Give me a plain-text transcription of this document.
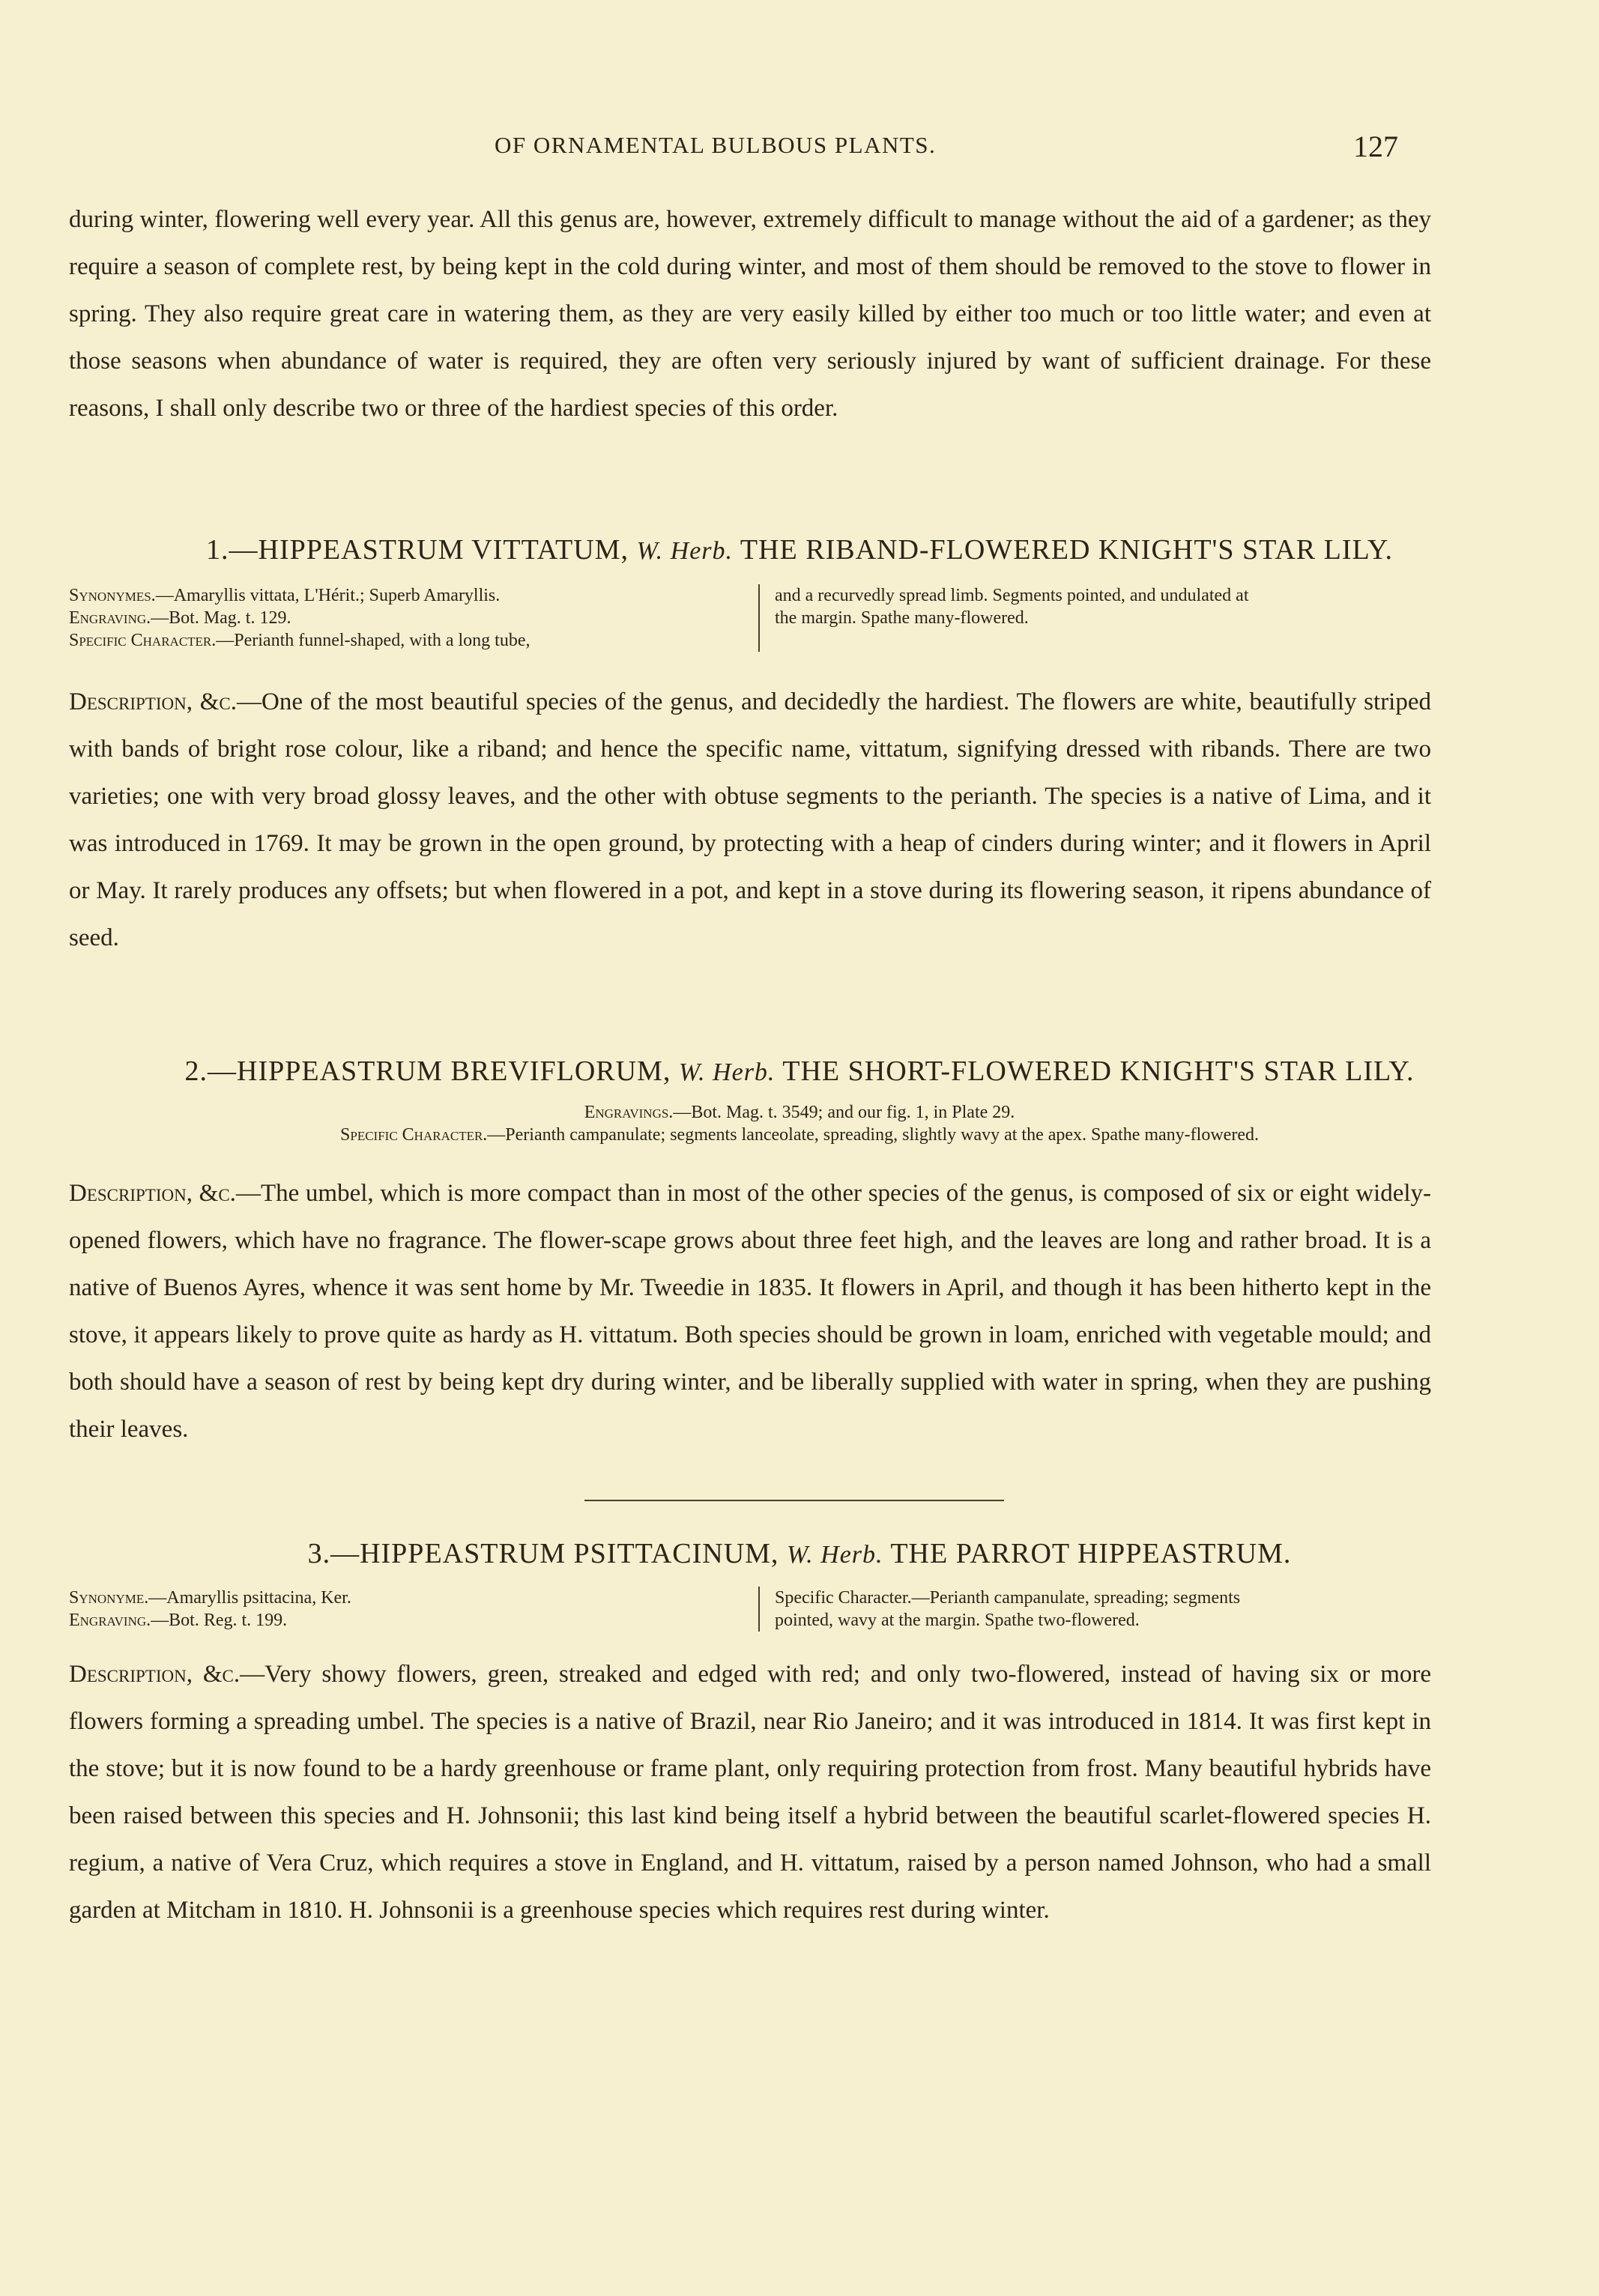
OF ORNAMENTAL BULBOUS PLANTS.	127

during winter, flowering well every year. All this genus are, however, extremely difficult to manage without the aid of a gardener; as they require a season of complete rest, by being kept in the cold during winter, and most of them should be removed to the stove to flower in spring. They also require great care in watering them, as they are very easily killed by either too much or too little water; and even at those seasons when abundance of water is required, they are often very seriously injured by want of sufficient drainage. For these reasons, I shall only describe two or three of the hardiest species of this order.

1.—HIPPEASTRUM VITTATUM, W. Herb. THE RIBAND-FLOWERED KNIGHT'S STAR LILY.
Synonymes.—Amaryllis vittata, L'Hérit.; Superb Amaryllis.
Engraving.—Bot. Mag. t. 129.
Specific Character.—Perianth funnel-shaped, with a long tube,
and a recurvedly spread limb. Segments pointed, and undulated at
the margin. Spathe many-flowered.

Description, &c.—One of the most beautiful species of the genus, and decidedly the hardiest. The flowers are white, beautifully striped with bands of bright rose colour, like a riband; and hence the specific name, vittatum, signifying dressed with ribands. There are two varieties; one with very broad glossy leaves, and the other with obtuse segments to the perianth. The species is a native of Lima, and it was introduced in 1769. It may be grown in the open ground, by protecting with a heap of cinders during winter; and it flowers in April or May. It rarely produces any offsets; but when flowered in a pot, and kept in a stove during its flowering season, it ripens abundance of seed.

2.—HIPPEASTRUM BREVIFLORUM, W. Herb. THE SHORT-FLOWERED KNIGHT'S STAR LILY.
Engravings.—Bot. Mag. t. 3549; and our fig. 1, in Plate 29.
Specific Character.—Perianth campanulate; segments lanceolate, spreading, slightly wavy at the apex. Spathe many-flowered.

Description, &c.—The umbel, which is more compact than in most of the other species of the genus, is composed of six or eight widely-opened flowers, which have no fragrance. The flower-scape grows about three feet high, and the leaves are long and rather broad. It is a native of Buenos Ayres, whence it was sent home by Mr. Tweedie in 1835. It flowers in April, and though it has been hitherto kept in the stove, it appears likely to prove quite as hardy as H. vittatum. Both species should be grown in loam, enriched with vegetable mould; and both should have a season of rest by being kept dry during winter, and be liberally supplied with water in spring, when they are pushing their leaves.

3.—HIPPEASTRUM PSITTACINUM, W. Herb. THE PARROT HIPPEASTRUM.
Synonyme.—Amaryllis psittacina, Ker.
Engraving.—Bot. Reg. t. 199.
Specific Character.—Perianth campanulate, spreading; segments
pointed, wavy at the margin. Spathe two-flowered.

Description, &c.—Very showy flowers, green, streaked and edged with red; and only two-flowered, instead of having six or more flowers forming a spreading umbel. The species is a native of Brazil, near Rio Janeiro; and it was introduced in 1814. It was first kept in the stove; but it is now found to be a hardy greenhouse or frame plant, only requiring protection from frost. Many beautiful hybrids have been raised between this species and H. Johnsonii; this last kind being itself a hybrid between the beautiful scarlet-flowered species H. regium, a native of Vera Cruz, which requires a stove in England, and H. vittatum, raised by a person named Johnson, who had a small garden at Mitcham in 1810. H. Johnsonii is a greenhouse species which requires rest during winter.
